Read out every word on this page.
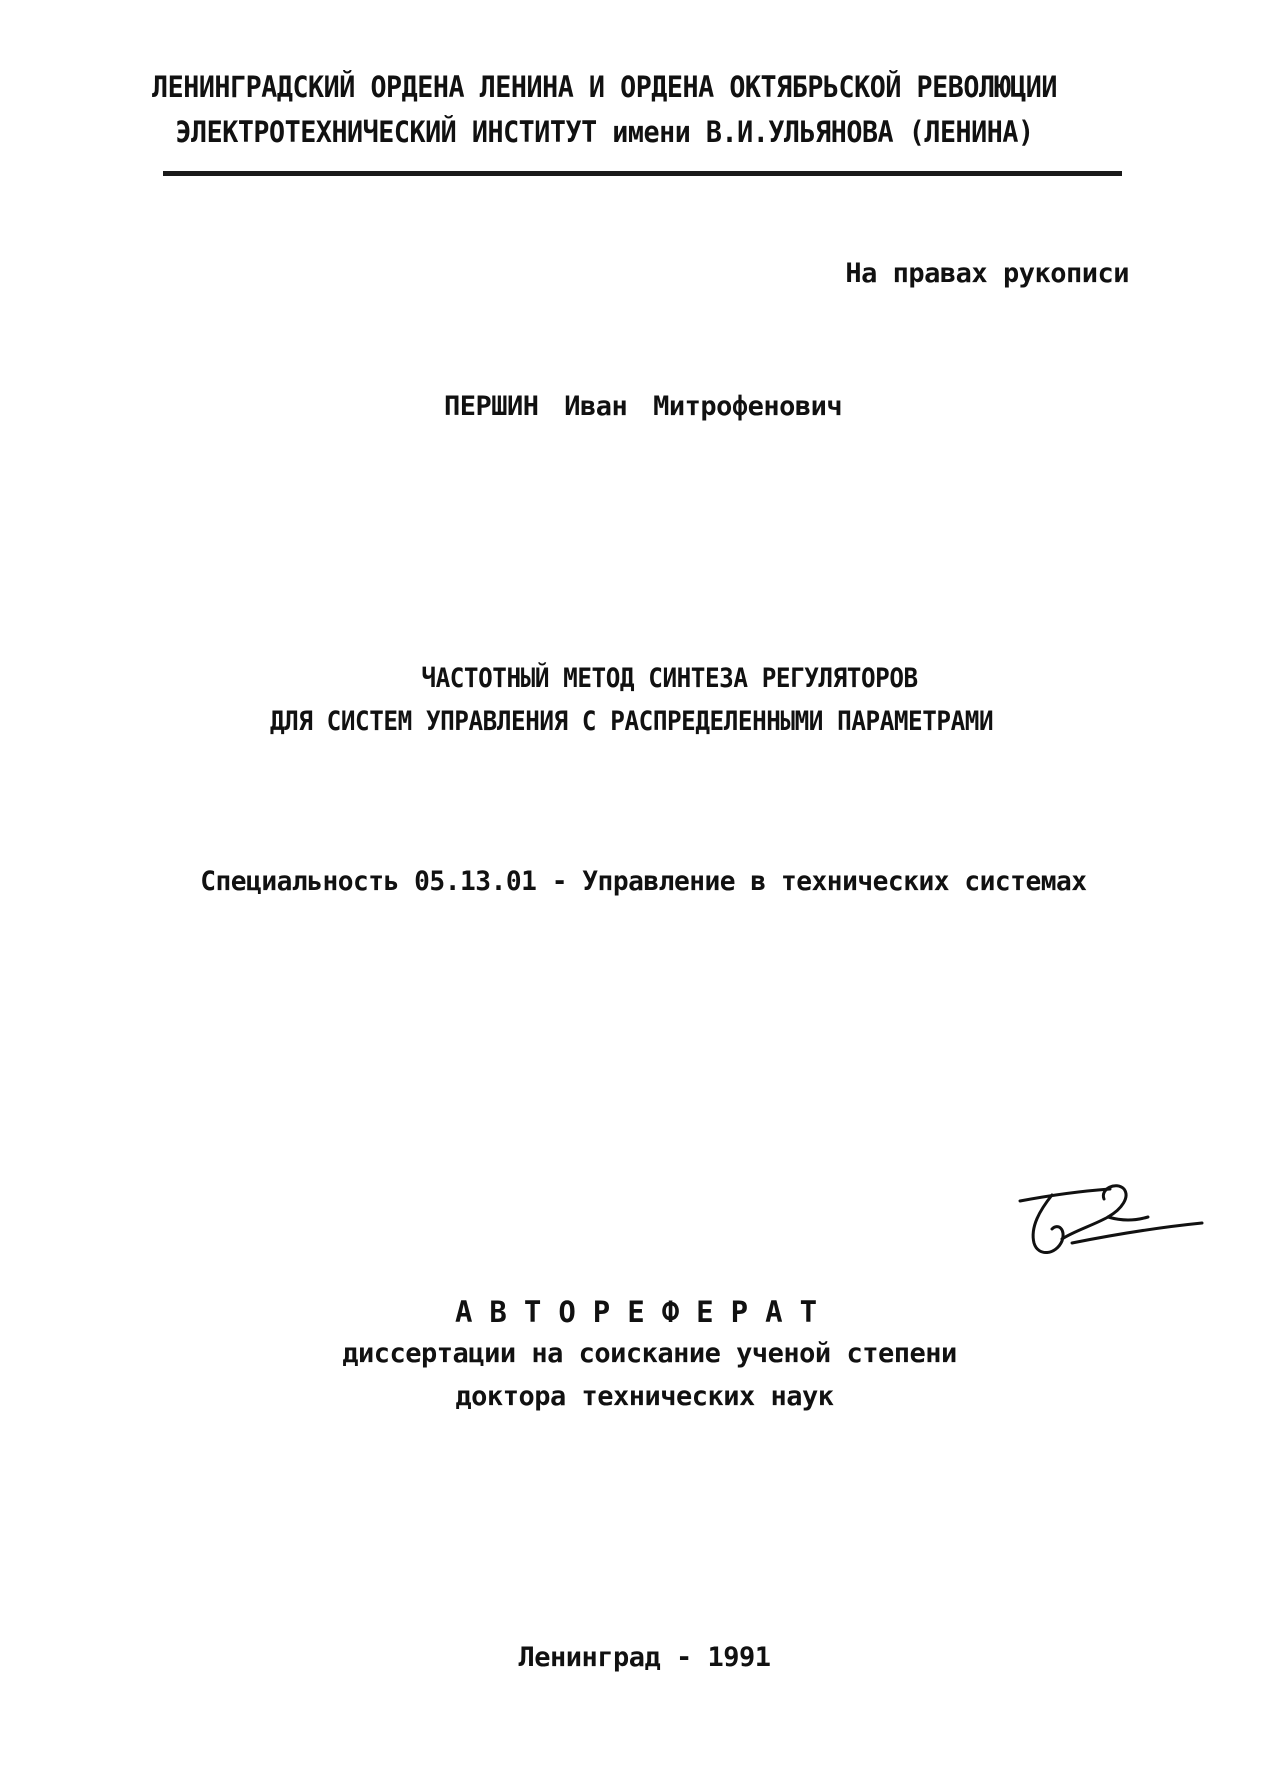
ЛЕНИНГРАДСКИЙ ОРДЕНА ЛЕНИНА И ОРДЕНА ОКТЯБРЬСКОЙ РЕВОЛЮЦИИ

ЭЛЕКТРОТЕХНИЧЕСКИЙ ИНСТИТУТ имени В.И.УЛЬЯНОВА (ЛЕНИНА)

На правах рукописи

ПЕРШИН Иван Митрофенович

ЧАСТОТНЫЙ МЕТОД СИНТЕЗА РЕГУЛЯТОРОВ

ДЛЯ СИСТЕМ УПРАВЛЕНИЯ С РАСПРЕДЕЛЕННЫМИ ПАРАМЕТРАМИ

Специальность 05.13.01 - Управление в технических системах

АВТОРЕФЕРАТ

диссертации на соискание ученой степени

доктора технических наук

Ленинград - 1991
